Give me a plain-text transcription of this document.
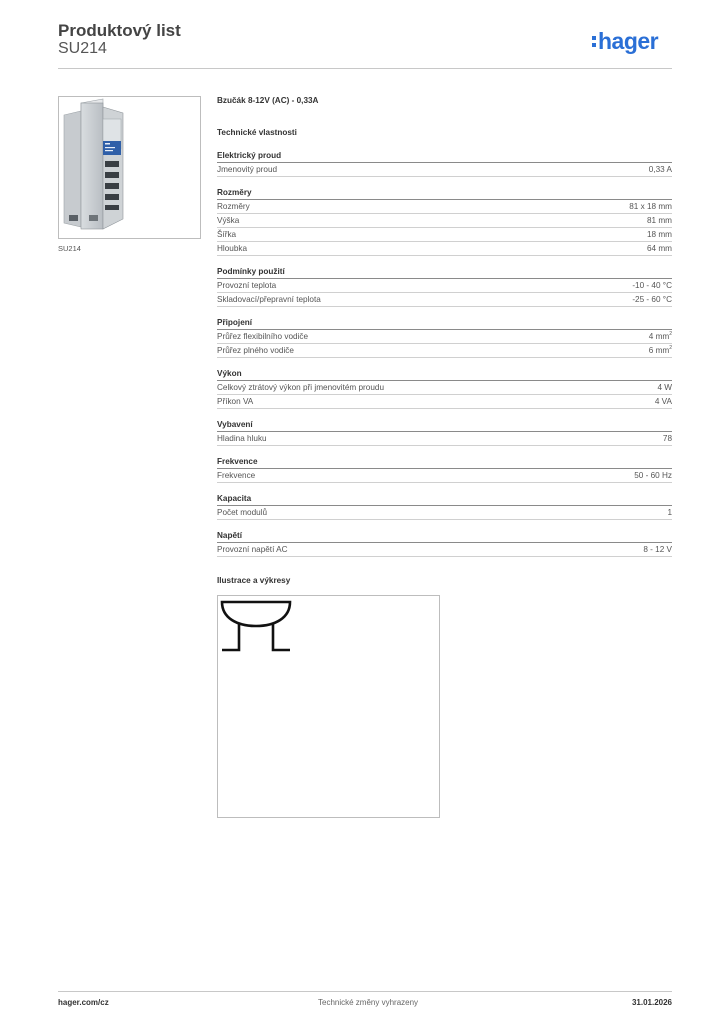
Produktový list
SU214	hager
SU214
Bzučák 8-12V (AC) - 0,33A
Technické vlastnosti
Elektrický proud
Jmenovitý proud	0,33 A
Rozměry
Rozměry	81 x 18 mm
Výška	81 mm
Šířka	18 mm
Hloubka	64 mm
Podmínky použití
Provozní teplota	-10 - 40 °C
Skladovací/přepravní teplota	-25 - 60 °C
Připojení
Průřez flexibilního vodiče	4 $mm^2$
Průřez plného vodiče	6 $mm^2$
Výkon
Celkový ztrátový výkon při jmenovitém proudu	4 W
Příkon VA	4 VA
Vybavení
Hladina hluku	78
Frekvence
Frekvence	50 - 60 Hz
Kapacita
Počet modulů	1
Napětí
Provozní napětí AC	8 - 12 V
Ilustrace a výkresy
hager.com/cz	Technické změny vyhrazeny	31.01.2026
